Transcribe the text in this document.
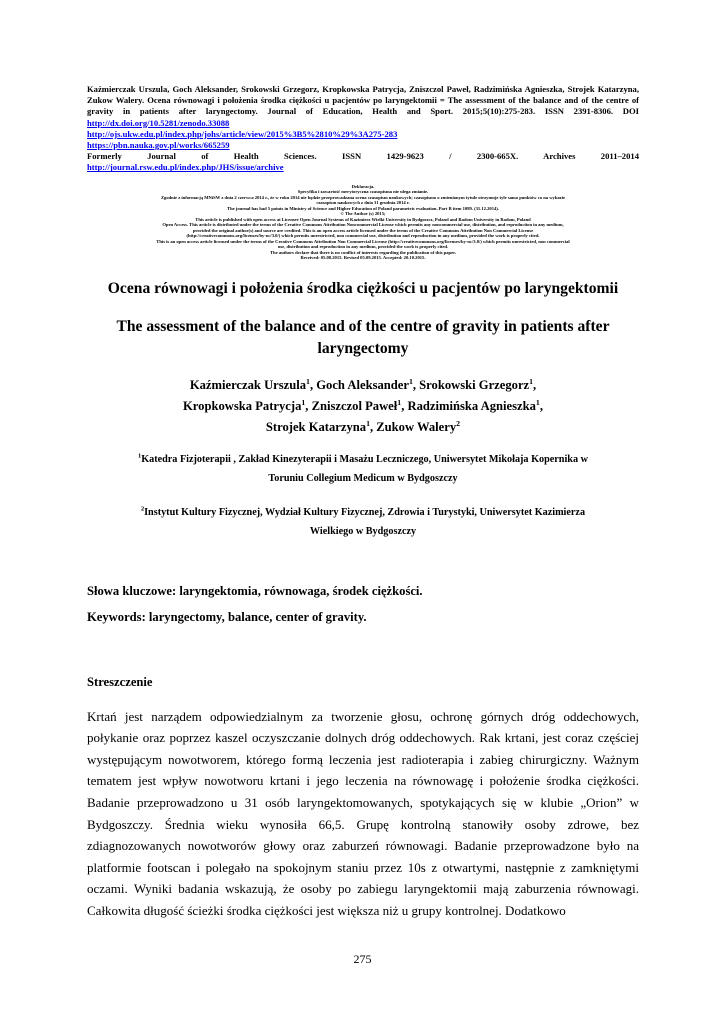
Kaźmierczak Urszula, Goch Aleksander, Srokowski Grzegorz, Kropkowska Patrycja, Zniszczol Paweł, Radzimińska Agnieszka, Strojek Katarzyna, Zukow Walery. Ocena równowagi i położenia środka ciężkości u pacjentów po laryngektomii = The assessment of the balance and of the centre of gravity in patients after laryngectomy. Journal of Education, Health and Sport. 2015;5(10):275-283. ISSN 2391-8306. DOI http://dx.doi.org/10.5281/zenodo.33088
http://ojs.ukw.edu.pl/index.php/johs/article/view/2015%3B5%2810%29%3A275-283
https://pbn.nauka.gov.pl/works/665259
Formerly Journal of Health Sciences. ISSN 1429-9623 / 2300-665X. Archives 2011–2014
http://journal.rsw.edu.pl/index.php/JHS/issue/archive
Deklaracja.
Specyfika i zawartość merytoryczna czasopisma nie ulega zmianie.
Zgodnie z informacją MNiSW z dnia 2 czerwca 2014 r., że w roku 2014 nie będzie przeprowadzana ocena czasopism naukowych; czasopismo o zmienionym tytule otrzymuje tyle samo punktów co na wykazie
czasopism naukowych z dnia 31 grudnia 2014 r.
The journal has had 5 points in Ministry of Science and Higher Education of Poland parametric evaluation. Part B item 1089. (31.12.2014).
© The Author (s) 2015;
This article is published with open access at Licensee Open Journal Systems of Kazimierz Wielki University in Bydgoszcz, Poland and Radom University in Radom, Poland
Open Access. This article is distributed under the terms of the Creative Commons Attribution Noncommercial License which permits any noncommercial use, distribution, and reproduction in any medium,
provided the original author(s) and source are credited. This is an open access article licensed under the terms of the Creative Commons Attribution Non Commercial License
(http://creativecommons.org/licenses/by-nc/3.0/) which permits unrestricted, non commercial use, distribution and reproduction in any medium, provided the work is properly cited.
This is an open access article licensed under the terms of the Creative Commons Attribution Non Commercial License (http://creativecommons.org/licenses/by-nc/3.0/) which permits unrestricted, non commercial
use, distribution and reproduction in any medium, provided the work is properly cited.
The authors declare that there is no conflict of interests regarding the publication of this paper.
Received: 05.08.2015. Revised 05.09.2015. Accepted: 20.10.2015.
Ocena równowagi i położenia środka ciężkości u pacjentów po laryngektomii
The assessment of the balance and of the centre of gravity in patients after laryngectomy
Kaźmierczak Urszula$^1$, Goch Aleksander$^1$, Srokowski Grzegorz$^1$,
Kropkowska Patrycja$^1$, Zniszczol Paweł$^1$, Radzimińska Agnieszka$^1$,
Strojek Katarzyna$^1$, Zukow Walery$^2$
$^1$Katedra Fizjoterapii , Zakład Kinezyterapii i Masażu Leczniczego, Uniwersytet Mikołaja Kopernika w
Toruniu Collegium Medicum w Bydgoszczy
$^2$Instytut Kultury Fizycznej, Wydział Kultury Fizycznej, Zdrowia i Turystyki, Uniwersytet Kazimierza
Wielkiego w Bydgoszczy
Słowa kluczowe: laryngektomia, równowaga, środek ciężkości.
Keywords: laryngectomy, balance, center of gravity.
Streszczenie
Krtań jest narządem odpowiedzialnym za tworzenie głosu, ochronę górnych dróg oddechowych, połykanie oraz poprzez kaszel oczyszczanie dolnych dróg oddechowych. Rak krtani, jest coraz częściej występującym nowotworem, którego formą leczenia jest radioterapia i zabieg chirurgiczny. Ważnym tematem jest wpływ nowotworu krtani i jego leczenia na równowagę i położenie środka ciężkości. Badanie przeprowadzono u 31 osób laryngektomowanych, spotykających się w klubie „Orion” w Bydgoszczy. Średnia wieku wynosiła 66,5. Grupę kontrolną stanowiły osoby zdrowe, bez zdiagnozowanych nowotworów głowy oraz zaburzeń równowagi. Badanie przeprowadzone było na platformie footscan i polegało na spokojnym staniu przez 10s z otwartymi, następnie z zamkniętymi oczami. Wyniki badania wskazują, że osoby po zabiegu laryngektomii mają zaburzenia równowagi. Całkowita długość ścieżki środka ciężkości jest większa niż u grupy kontrolnej. Dodatkowo
275
